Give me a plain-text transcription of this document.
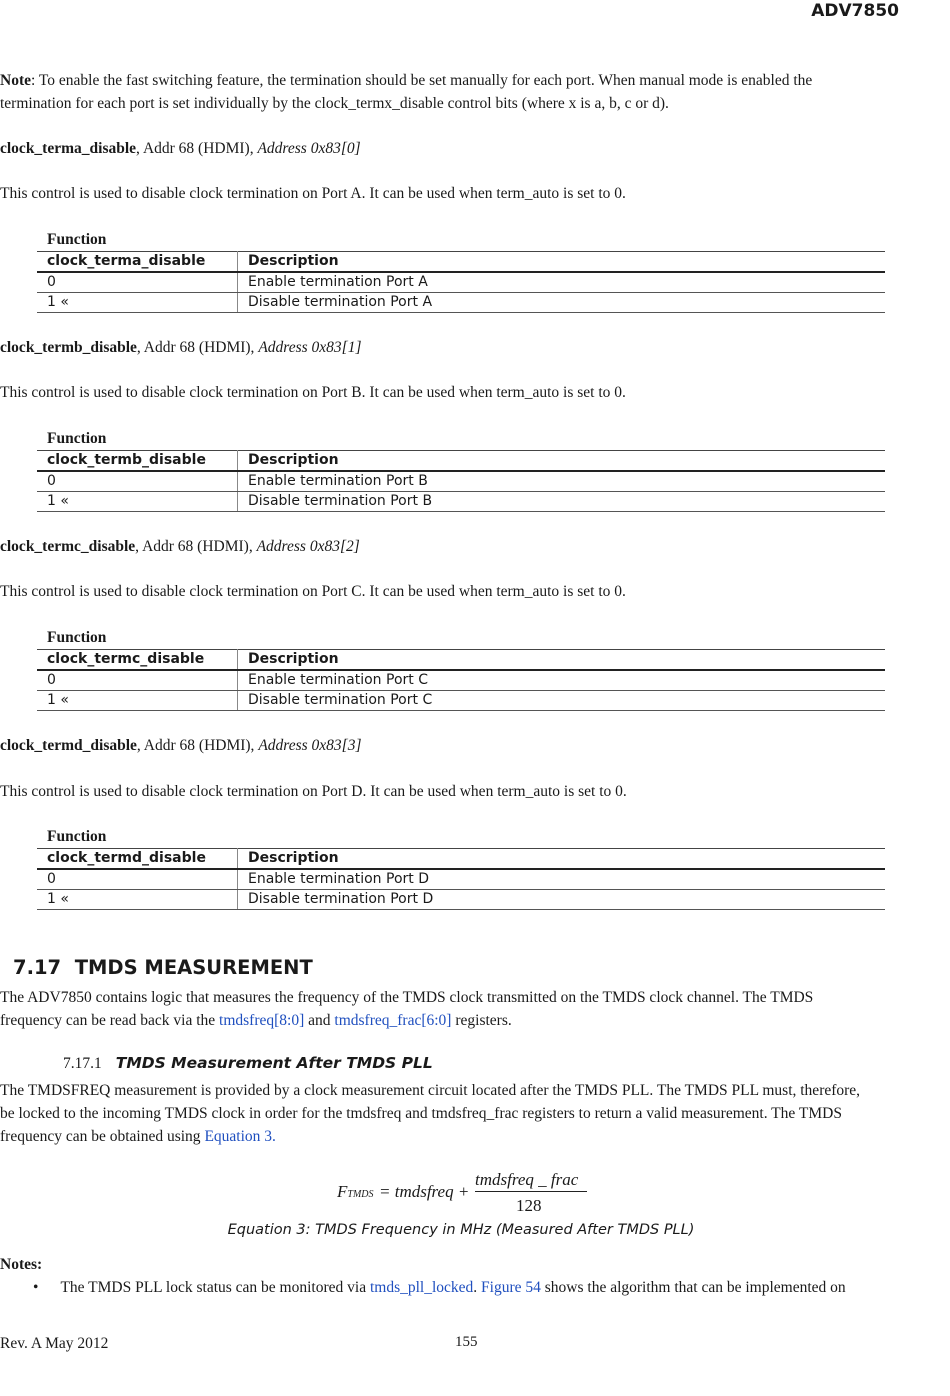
ADV7850
Note: To enable the fast switching feature, the termination should be set manually for each port. When manual mode is enabled the
termination for each port is set individually by the clock_termx_disable control bits (where x is a, b, c or d).
clock_terma_disable, Addr 68 (HDMI), Address 0x83[0]
This control is used to disable clock termination on Port A. It can be used when term_auto is set to 0.
Function
clock_terma_disable	Description
0	Enable termination Port A
1 «	Disable termination Port A
clock_termb_disable, Addr 68 (HDMI), Address 0x83[1]
This control is used to disable clock termination on Port B. It can be used when term_auto is set to 0.
Function
clock_termb_disable	Description
0	Enable termination Port B
1 «	Disable termination Port B
clock_termc_disable, Addr 68 (HDMI), Address 0x83[2]
This control is used to disable clock termination on Port C. It can be used when term_auto is set to 0.
Function
clock_termc_disable	Description
0	Enable termination Port C
1 «	Disable termination Port C
clock_termd_disable, Addr 68 (HDMI), Address 0x83[3]
This control is used to disable clock termination on Port D. It can be used when term_auto is set to 0.
Function
clock_termd_disable	Description
0	Enable termination Port D
1 «	Disable termination Port D
7.17 TMDS MEASUREMENT
The ADV7850 contains logic that measures the frequency of the TMDS clock transmitted on the TMDS clock channel. The TMDS
frequency can be read back via the tmdsfreq[8:0] and tmdsfreq_frac[6:0] registers.
7.17.1 TMDS Measurement After TMDS PLL
The TMDSFREQ measurement is provided by a clock measurement circuit located after the TMDS PLL. The TMDS PLL must, therefore,
be locked to the incoming TMDS clock in order for the tmdsfreq and tmdsfreq_frac registers to return a valid measurement. The TMDS
frequency can be obtained using Equation 3.
FTMDS = tmdsfreq +
tmdsfreq _ frac
128
Equation 3: TMDS Frequency in MHz (Measured After TMDS PLL)
Notes:
• The TMDS PLL lock status can be monitored via tmds_pll_locked. Figure 54 shows the algorithm that can be implemented on
Rev. A May 2012	155
